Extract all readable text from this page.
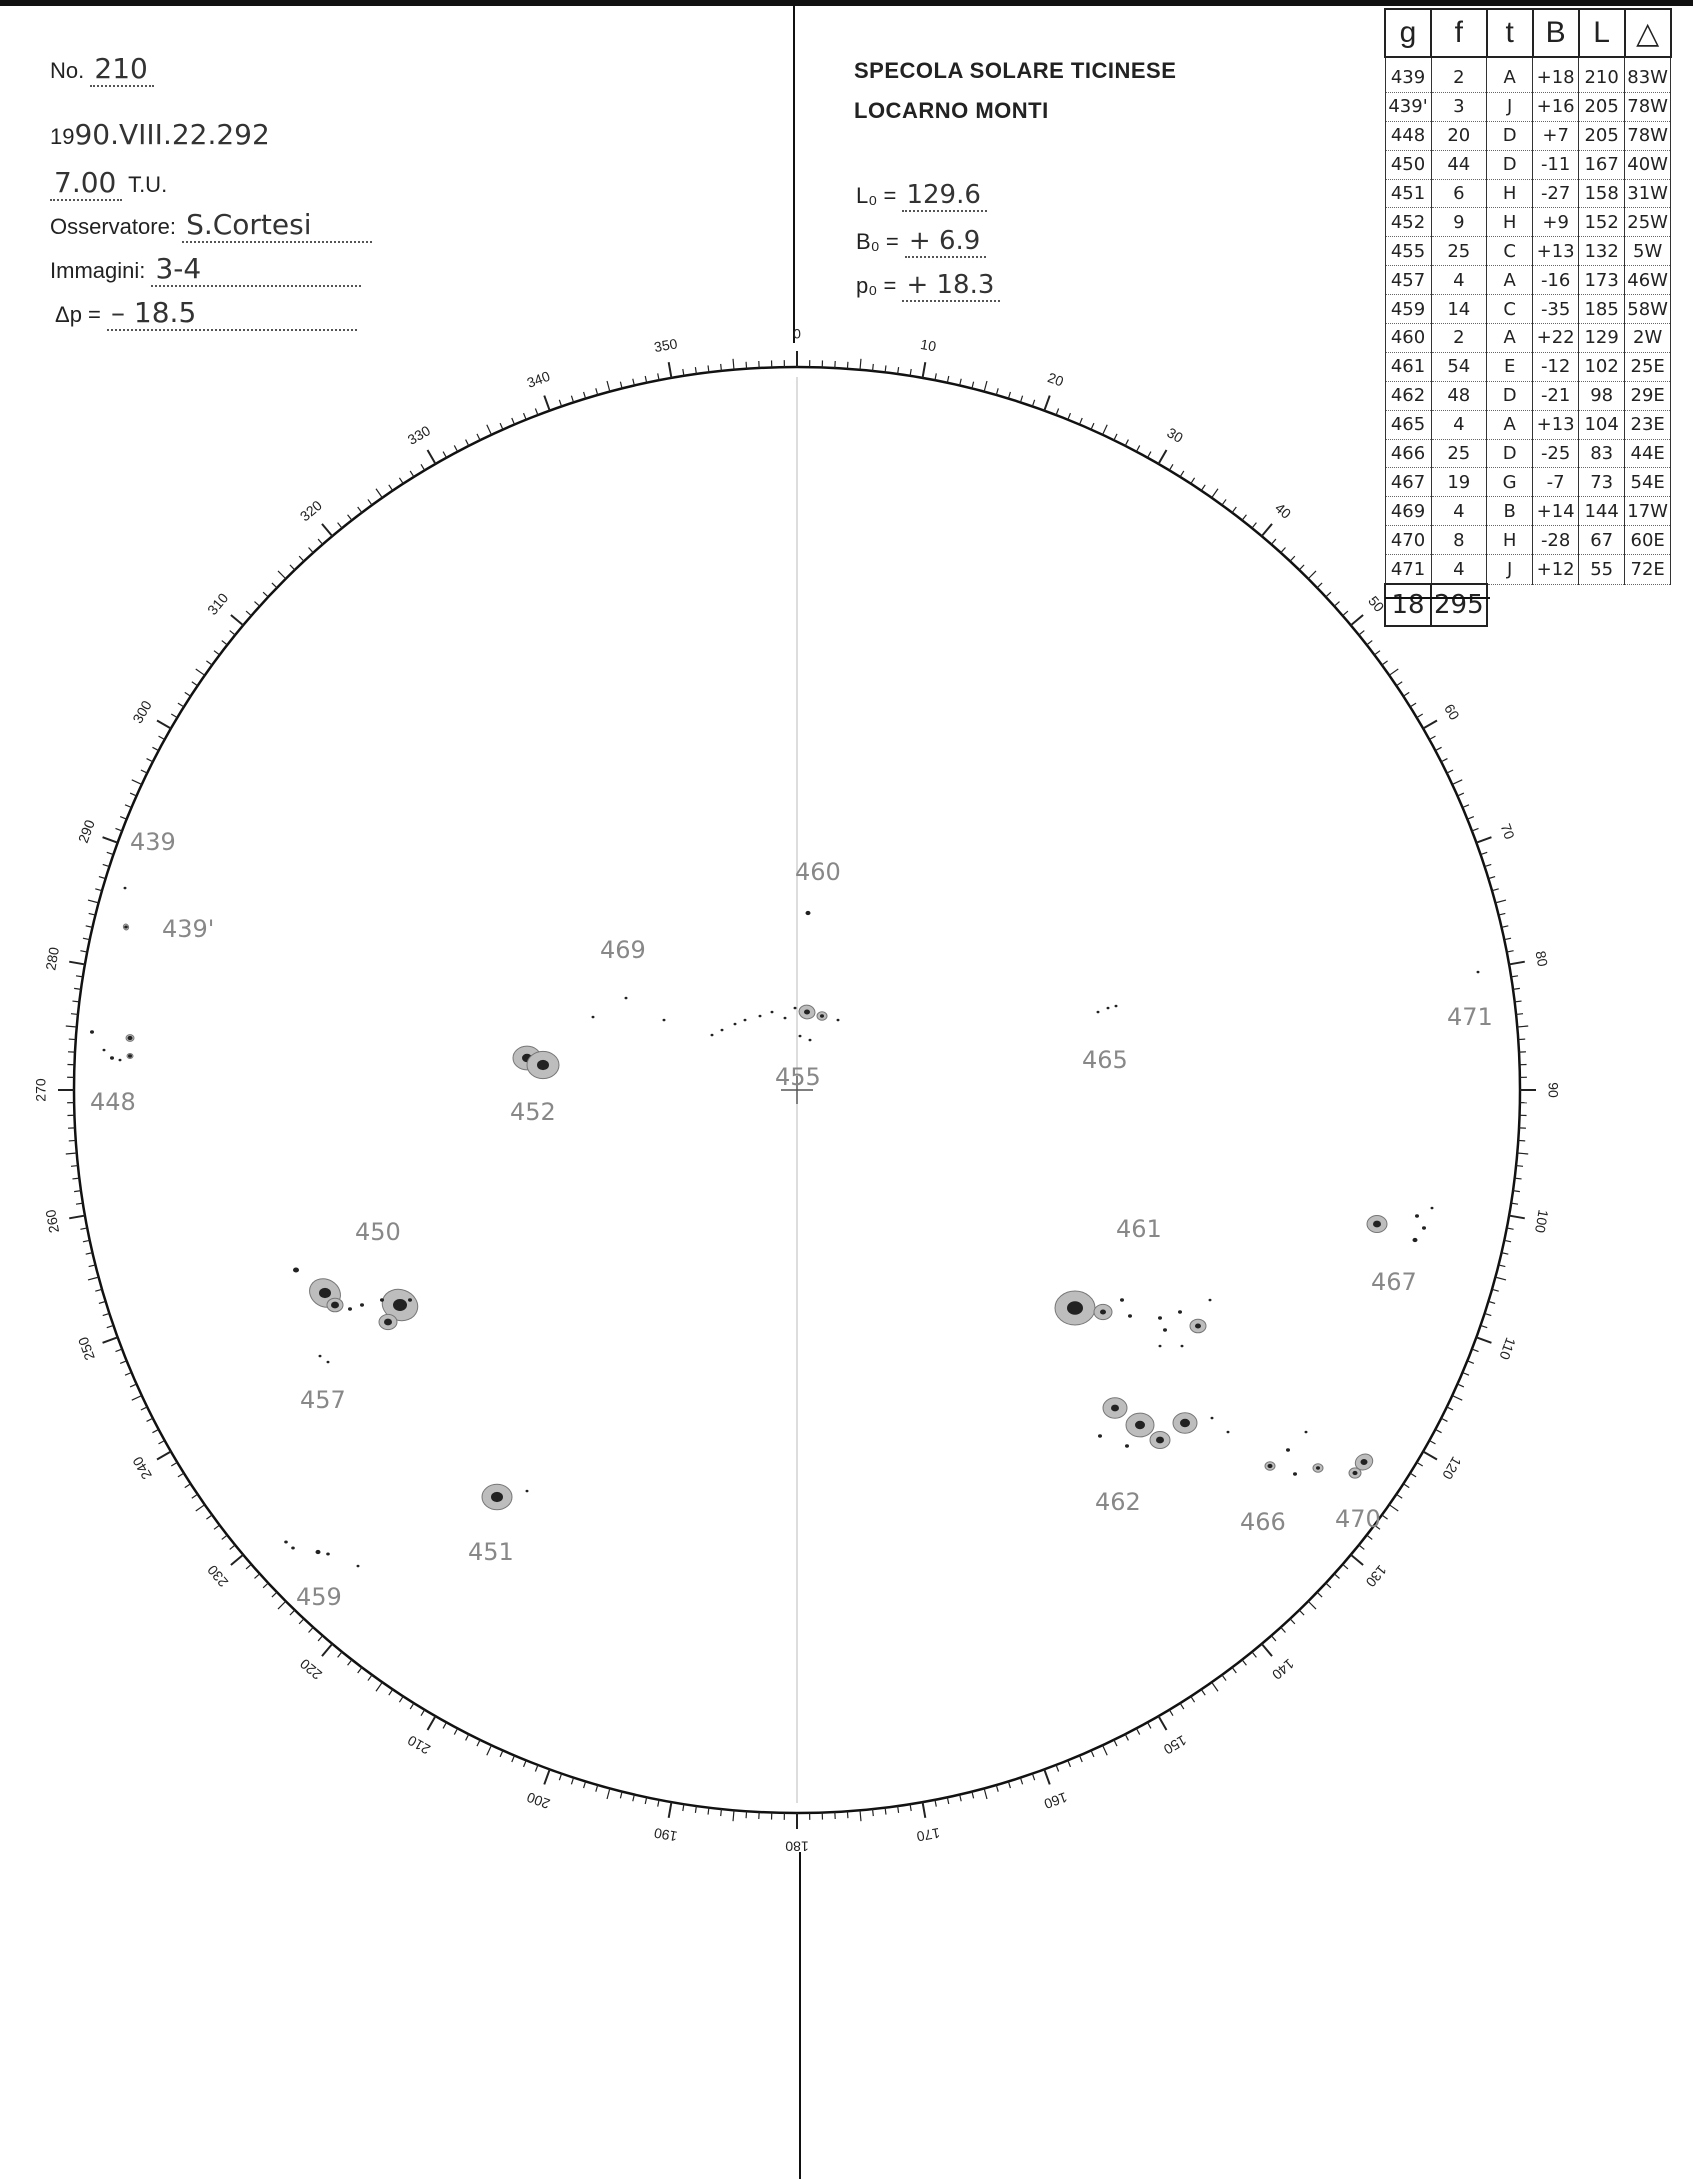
No. 210
1990.VIII.22.292
7.00 T.U.
Osservatore: S.Cortesi
Immagini: 3-4
Δp = – 18.5
SPECOLA SOLARE TICINESE
LOCARNO MONTI
L₀ = 129.6
B₀ = + 6.9
p₀ = + 18.3
g	f	t	B	L	△
439	2	A	+18	210	83W
439'	3	J	+16	205	78W
448	20	D	+7	205	78W
450	44	D	-11	167	40W
451	6	H	-27	158	31W
452	9	H	+9	152	25W
455	25	C	+13	132	5W
457	4	A	-16	173	46W
459	14	C	-35	185	58W
460	2	A	+22	129	2W
461	54	E	-12	102	25E
462	48	D	-21	98	29E
465	4	A	+13	104	23E
466	25	D	-25	83	44E
467	19	G	-7	73	54E
469	4	B	+14	144	17W
470	8	H	-28	67	60E
471	4	J	+12	55	72E
18	295				
0
10
20
30
40
50
60
70
80
90
100
110
120
130
140
150
160
170
180
190
200
210
220
230
240
250
260
270
280
290
300
310
320
330
340
350
439
439'
448
450
451
452
455
457
459
460
461
462
465
466
467
469
470
471
